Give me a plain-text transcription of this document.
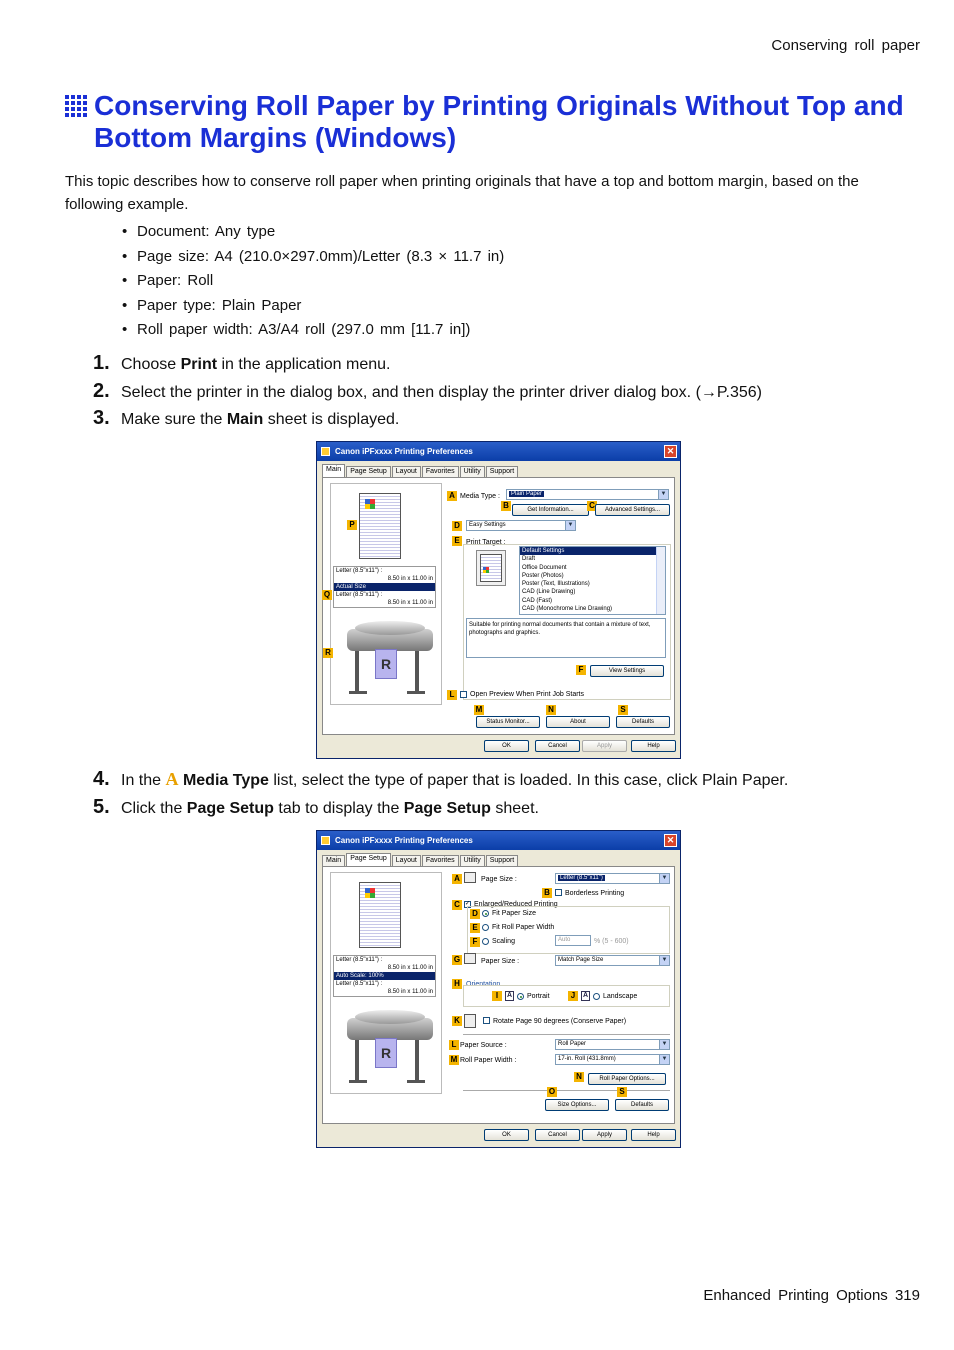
Conserving roll paper
Conserving Roll Paper by Printing Originals Without Top and Bottom Margins (Windows)

This topic describes how to conserve roll paper when printing originals that have a top and bottom margin, based on the following example.

• Document: Any type
• Page size: A4 (210.0×297.0mm)/Letter (8.3 × 11.7 in)
• Paper: Roll
• Paper type: Plain Paper
• Roll paper width: A3/A4 roll (297.0 mm [11.7 in])
1. Choose Print in the application menu.
2. Select the printer in the dialog box, and then display the printer driver dialog box. (→P.356)
3. Make sure the Main sheet is displayed.
Canon iPFxxxx Printing Preferences	✕
Main	Page Setup	Layout	Favorites	Utility	Support
Letter (8.5"x11") :
8.50 in x 11.00 in
Actual Size
Letter (8.5"x11") :
8.50 in x 11.00 in
R
P
Q
R
A Media Type :	Plain Paper	▼
B	Get Information...	C	Advanced Settings...
D	Easy Settings	▼
E Print Target :
Default Settings
Draft
Office Document
Poster (Photos)
Poster (Text, Illustrations)
CAD (Line Drawing)
CAD (Fast)
CAD (Monochrome Line Drawing)
Suitable for printing normal documents that contain a mixture of text, photographs and graphics.
F	View Settings
L	Open Preview When Print Job Starts
M	N	S
Status Monitor...	About	Defaults
OK	Cancel	Apply	Help
4. In the A Media Type list, select the type of paper that is loaded. In this case, click Plain Paper.
5. Click the Page Setup tab to display the Page Setup sheet.
Canon iPFxxxx Printing Preferences	✕
Main	Page Setup	Layout	Favorites	Utility	Support
Letter (8.5"x11") :
8.50 in x 11.00 in
Auto Scale: 100%
Letter (8.5"x11") :
8.50 in x 11.00 in
R
A	Page Size :	Letter (8.5"x11")	▼
B	Borderless Printing
C ✓ Enlarged/Reduced Printing
D	Fit Paper Size
E	Fit Roll Paper Width
F	Scaling	Auto	% (5 - 600)
G	Paper Size :	Match Page Size	▼
H Orientation
I	A Portrait	J	A Landscape
K	Rotate Page 90 degrees (Conserve Paper)
L Paper Source :	Roll Paper	▼
M Roll Paper Width :	17-in. Roll (431.8mm)	▼
N	Roll Paper Options...
O	S
Size Options...	Defaults
OK	Cancel	Apply	Help
Enhanced Printing Options 319
